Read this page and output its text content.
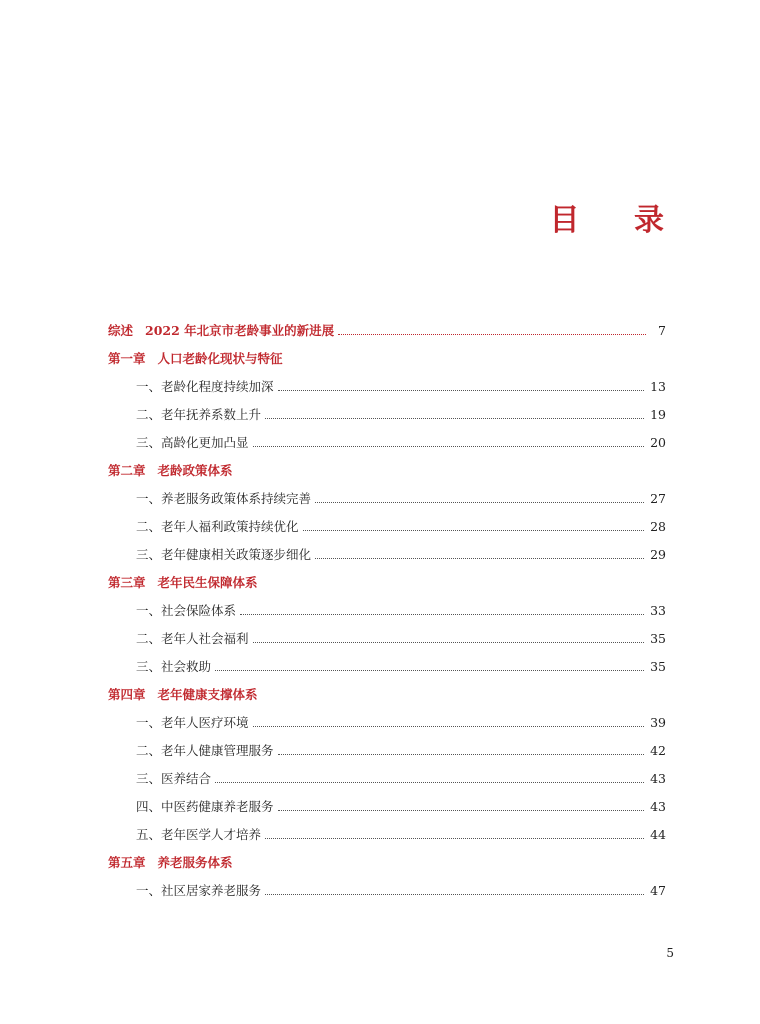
目 录
综述 2022 年北京市老龄事业的新进展	7
第一章 人口老龄化现状与特征
一、老龄化程度持续加深	13
二、老年抚养系数上升	19
三、高龄化更加凸显	20
第二章 老龄政策体系
一、养老服务政策体系持续完善	27
二、老年人福利政策持续优化	28
三、老年健康相关政策逐步细化	29
第三章 老年民生保障体系
一、社会保险体系	33
二、老年人社会福利	35
三、社会救助	35
第四章 老年健康支撑体系
一、老年人医疗环境	39
二、老年人健康管理服务	42
三、医养结合	43
四、中医药健康养老服务	43
五、老年医学人才培养	44
第五章 养老服务体系
一、社区居家养老服务	47
5
